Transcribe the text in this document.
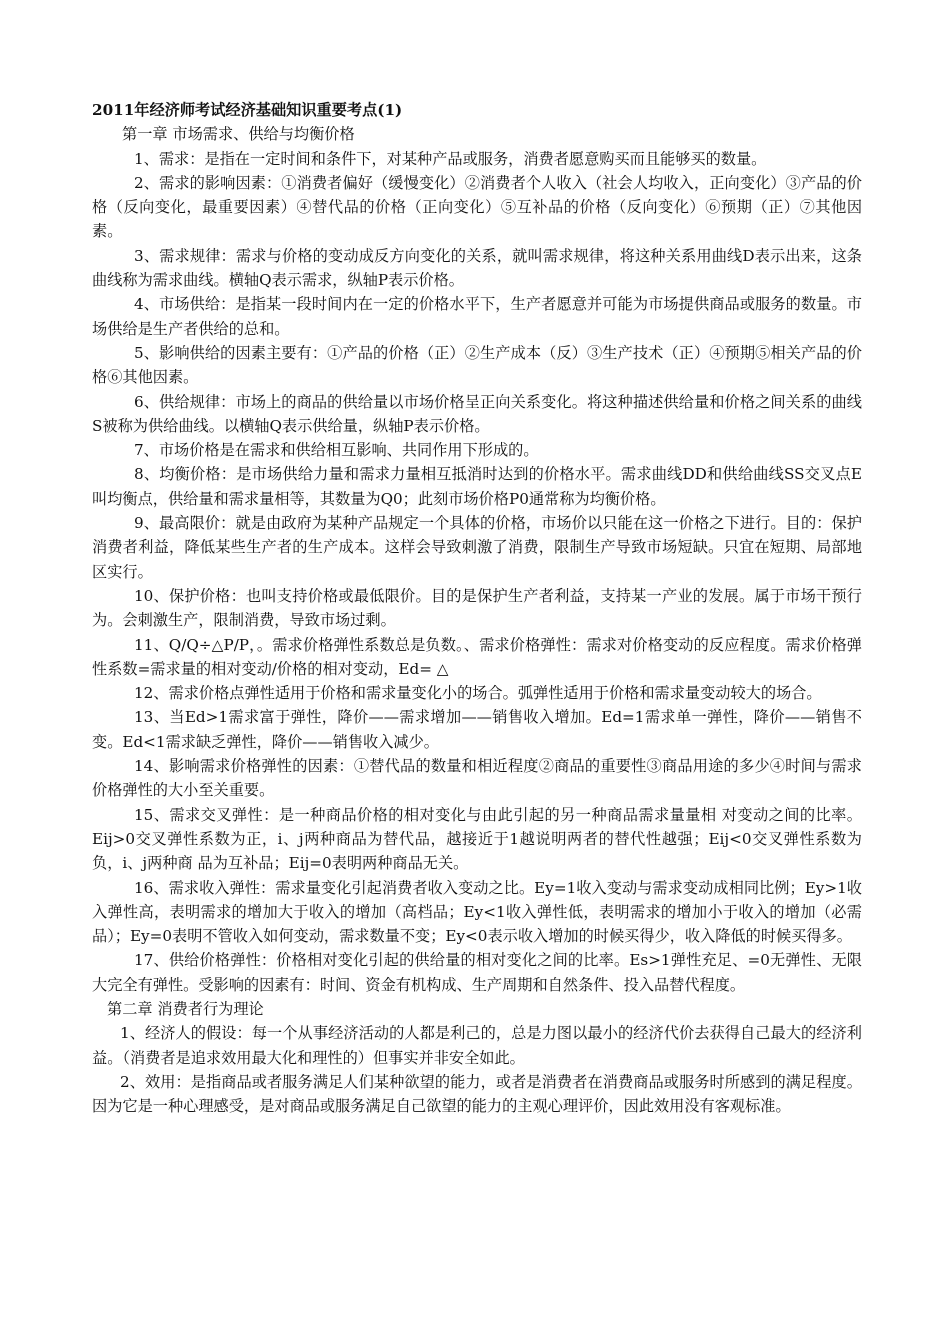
2011年经济师考试经济基础知识重要考点(1)

第一章 市场需求、供给与均衡价格

1、需求：是指在一定时间和条件下，对某种产品或服务，消费者愿意购买而且能够买的数量。

2、需求的影响因素：①消费者偏好（缓慢变化）②消费者个人收入（社会人均收入，正向变化）③产品的价格（反向变化，最重要因素）④替代品的价格（正向变化）⑤互补品的价格（反向变化）⑥预期（正）⑦其他因素。

3、需求规律：需求与价格的变动成反方向变化的关系，就叫需求规律，将这种关系用曲线D表示出来，这条曲线称为需求曲线。横轴Q表示需求，纵轴P表示价格。

4、市场供给：是指某一段时间内在一定的价格水平下，生产者愿意并可能为市场提供商品或服务的数量。市场供给是生产者供给的总和。

5、影响供给的因素主要有：①产品的价格（正）②生产成本（反）③生产技术（正）④预期⑤相关产品的价格⑥其他因素。

6、供给规律：市场上的商品的供给量以市场价格呈正向关系变化。将这种描述供给量和价格之间关系的曲线S被称为供给曲线。以横轴Q表示供给量，纵轴P表示价格。

7、市场价格是在需求和供给相互影响、共同作用下形成的。

8、均衡价格：是市场供给力量和需求力量相互抵消时达到的价格水平。需求曲线DD和供给曲线SS交叉点E叫均衡点，供给量和需求量相等，其数量为Q0；此刻市场价格P0通常称为均衡价格。

9、最高限价：就是由政府为某种产品规定一个具体的价格，市场价以只能在这一价格之下进行。目的：保护消费者利益，降低某些生产者的生产成本。这样会导致刺激了消费，限制生产导致市场短缺。只宜在短期、局部地区实行。

10、保护价格：也叫支持价格或最低限价。目的是保护生产者利益，支持某一产业的发展。属于市场干预行为。会刺激生产，限制消费，导致市场过剩。

11、Q/Q÷△P/P，。需求价格弹性系数总是负数。、需求价格弹性：需求对价格变动的反应程度。需求价格弹性系数=需求量的相对变动/价格的相对变动，Ed= △

12、需求价格点弹性适用于价格和需求量变化小的场合。弧弹性适用于价格和需求量变动较大的场合。

13、当Ed>1需求富于弹性，降价——需求增加——销售收入增加。Ed=1需求单一弹性，降价——销售不变。Ed<1需求缺乏弹性，降价——销售收入减少。

14、影响需求价格弹性的因素：①替代品的数量和相近程度②商品的重要性③商品用途的多少④时间与需求价格弹性的大小至关重要。

15、需求交叉弹性：是一种商品价格的相对变化与由此引起的另一种商品需求量量相 对变动之间的比率。Eij>0交叉弹性系数为正，i、j两种商品为替代品，越接近于1越说明两者的替代性越强；Eij<0交叉弹性系数为负，i、j两种商 品为互补品；Eij=0表明两种商品无关。

16、需求收入弹性：需求量变化引起消费者收入变动之比。Ey=1收入变动与需求变动成相同比例；Ey>1收入弹性高，表明需求的增加大于收入的增加（高档品；Ey<1收入弹性低，表明需求的增加小于收入的增加（必需品）；Ey=0表明不管收入如何变动，需求数量不变；Ey<0表示收入增加的时候买得少，收入降低的时候买得多。

17、供给价格弹性：价格相对变化引起的供给量的相对变化之间的比率。Es>1弹性充足、=0无弹性、无限大完全有弹性。受影响的因素有：时间、资金有机构成、生产周期和自然条件、投入品替代程度。

第二章 消费者行为理论

1、经济人的假设：每一个从事经济活动的人都是利己的，总是力图以最小的经济代价去获得自己最大的经济利益。（消费者是追求效用最大化和理性的）但事实并非安全如此。

2、效用：是指商品或者服务满足人们某种欲望的能力，或者是消费者在消费商品或服务时所感到的满足程度。因为它是一种心理感受，是对商品或服务满足自己欲望的能力的主观心理评价，因此效用没有客观标准。
